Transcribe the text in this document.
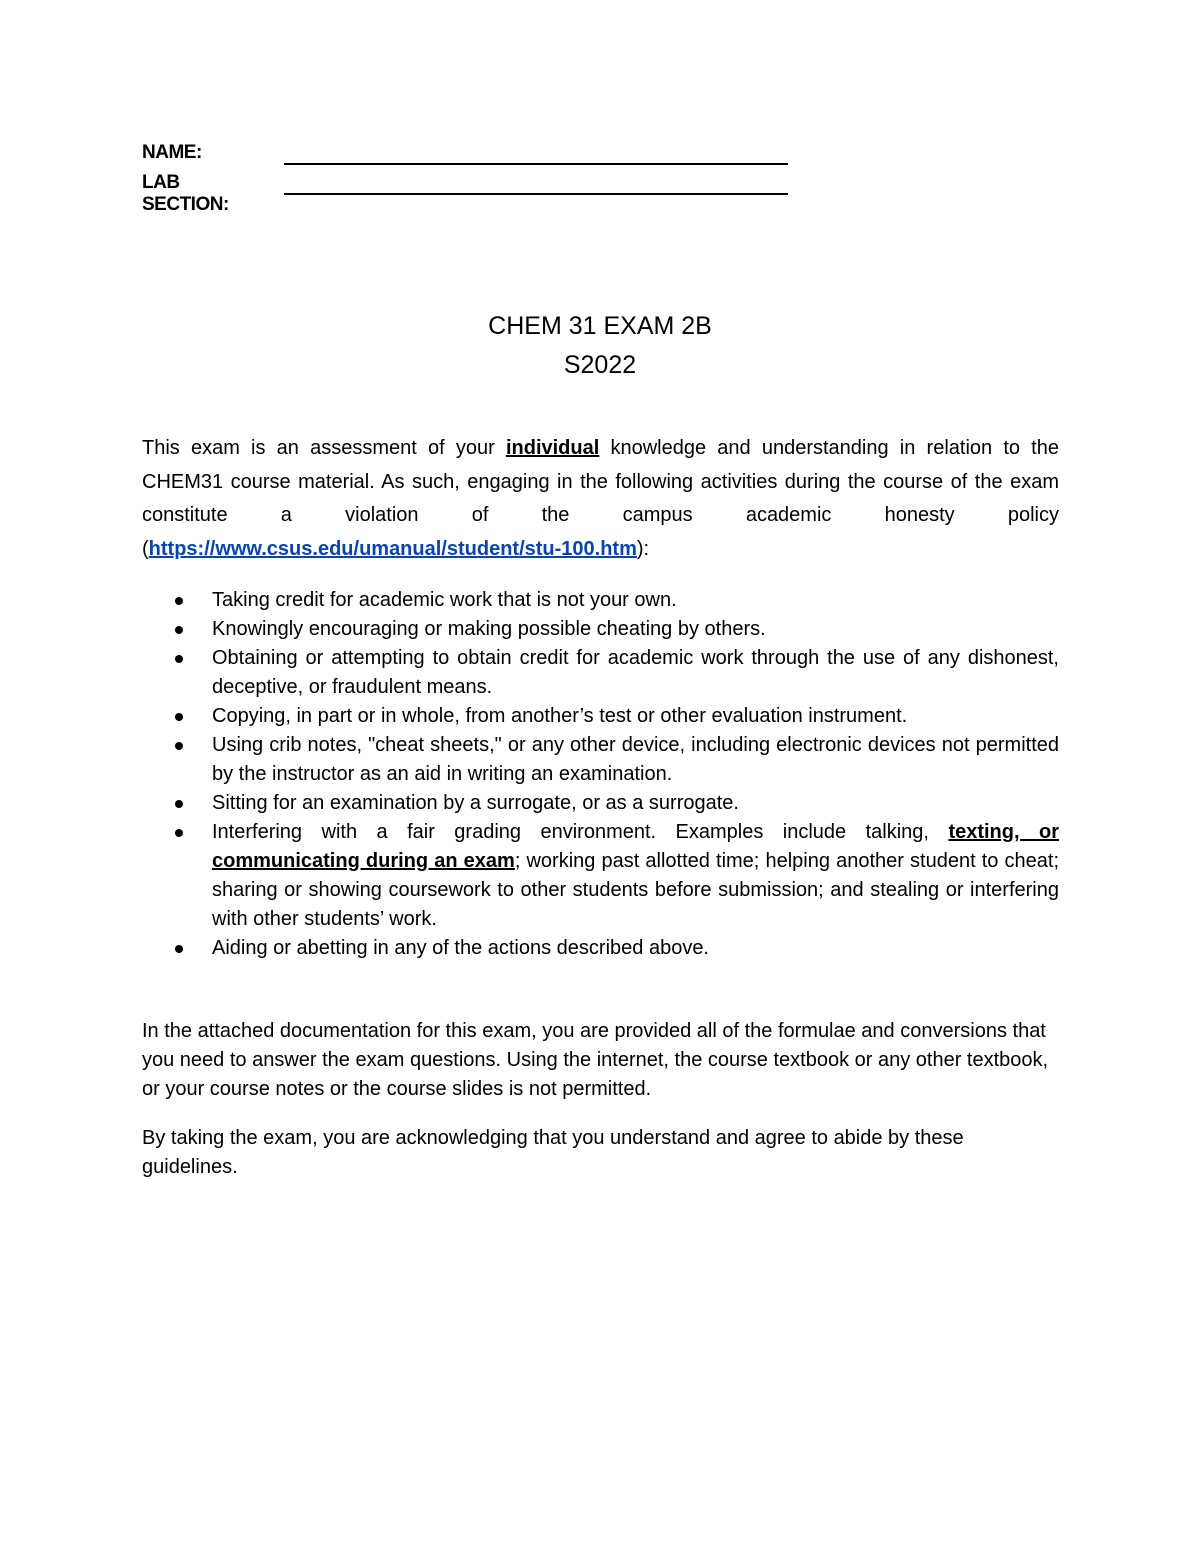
NAME:
LAB SECTION:
CHEM 31 EXAM 2B
S2022

This exam is an assessment of your individual knowledge and understanding in relation to the CHEM31 course material. As such, engaging in the following activities during the course of the exam constitute a violation of the campus academic honesty policy (https://www.csus.edu/umanual/student/stu-100.htm):

Taking credit for academic work that is not your own.
Knowingly encouraging or making possible cheating by others.
Obtaining or attempting to obtain credit for academic work through the use of any dishonest, deceptive, or fraudulent means.
Copying, in part or in whole, from another’s test or other evaluation instrument.
Using crib notes, "cheat sheets," or any other device, including electronic devices not permitted by the instructor as an aid in writing an examination.
Sitting for an examination by a surrogate, or as a surrogate.
Interfering with a fair grading environment. Examples include talking, texting, or communicating during an exam; working past allotted time; helping another student to cheat; sharing or showing coursework to other students before submission; and stealing or interfering with other students’ work.
Aiding or abetting in any of the actions described above.

In the attached documentation for this exam, you are provided all of the formulae and conversions that you need to answer the exam questions. Using the internet, the course textbook or any other textbook, or your course notes or the course slides is not permitted.

By taking the exam, you are acknowledging that you understand and agree to abide by these guidelines.
